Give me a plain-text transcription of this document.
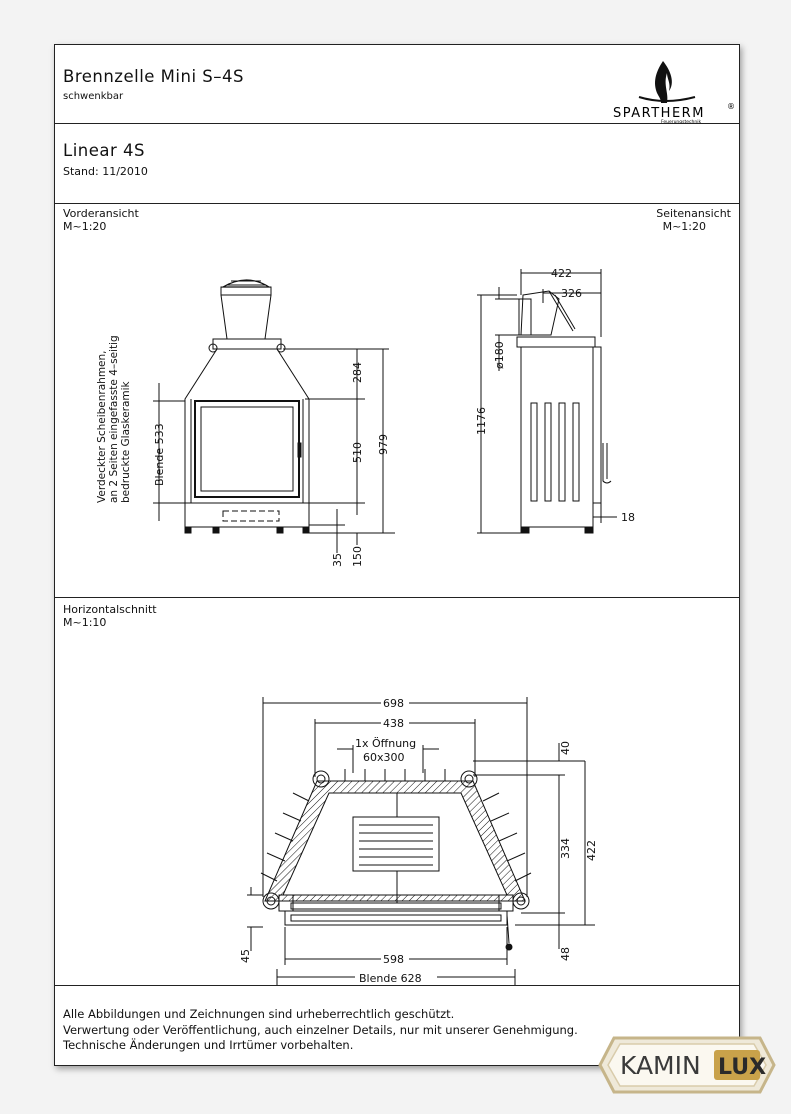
Brennzelle Mini S–4S
schwenkbar
SPARTHERM	®
Feuerungstechnik
Linear 4S
Stand: 11/2010
Vorderansicht
M~1:20
Seitenansicht
M~1:20
Verdeckter Scheibenrahmen, an 2 Seiten eingefasste 4–seitig bedruckte Glaskeramik Blende 533
284
510 979
35 150
422
326
ø180
1176
18
Horizontalschnitt
M~1:10
698
438
1x Öffnung
60x300
40
334 422
45	598	48
Blende 628
Alle Abbildungen und Zeichnungen sind urheberrechtlich geschützt.
Verwertung oder Veröffentlichung, auch einzelner Details, nur mit unserer Genehmigung.
Technische Änderungen und Irrtümer vorbehalten.
KAMIN LUX
